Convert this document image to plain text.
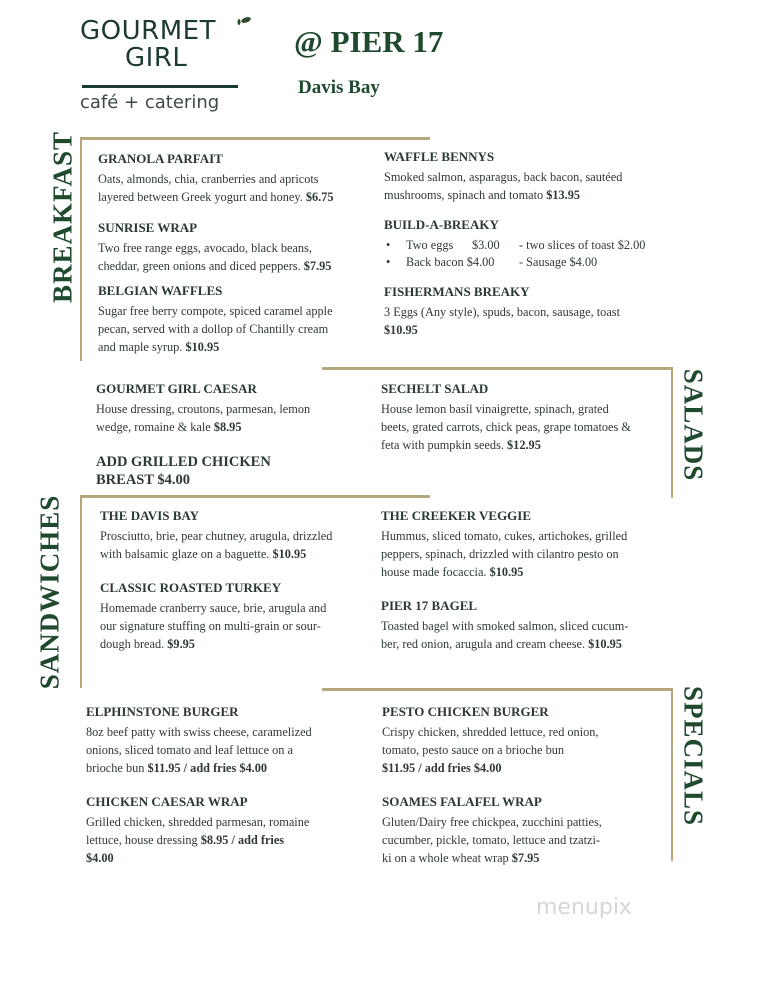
GOURMET
GIRL
café + catering
@ PIER 17
Davis Bay
BREAKFAST
SALADS
SANDWICHES
SPECIALS
GRANOLA PARFAIT
Oats, almonds, chia, cranberries and apricots
layered between Greek yogurt and honey. $6.75
SUNRISE WRAP
Two free range eggs, avocado, black beans,
cheddar, green onions and diced peppers. $7.95
BELGIAN WAFFLES
Sugar free berry compote, spiced caramel apple
pecan, served with a dollop of Chantilly cream
and maple syrup. $10.95
WAFFLE BENNYS
Smoked salmon, asparagus, back bacon, sautéed
mushrooms, spinach and tomato $13.95
BUILD-A-BREAKY
• Two eggs $3.00 - two slices of toast $2.00
• Back bacon $4.00 - Sausage $4.00
FISHERMANS BREAKY
3 Eggs (Any style), spuds, bacon, sausage, toast
$10.95
GOURMET GIRL CAESAR
House dressing, croutons, parmesan, lemon
wedge, romaine & kale $8.95
ADD GRILLED CHICKEN
BREAST $4.00
SECHELT SALAD
House lemon basil vinaigrette, spinach, grated
beets, grated carrots, chick peas, grape tomatoes &
feta with pumpkin seeds. $12.95
THE DAVIS BAY
Prosciutto, brie, pear chutney, arugula, drizzled
with balsamic glaze on a baguette. $10.95
CLASSIC ROASTED TURKEY
Homemade cranberry sauce, brie, arugula and
our signature stuffing on multi-grain or sour-
dough bread. $9.95
THE CREEKER VEGGIE
Hummus, sliced tomato, cukes, artichokes, grilled
peppers, spinach, drizzled with cilantro pesto on
house made focaccia. $10.95
PIER 17 BAGEL
Toasted bagel with smoked salmon, sliced cucum-
ber, red onion, arugula and cream cheese. $10.95
ELPHINSTONE BURGER
8oz beef patty with swiss cheese, caramelized
onions, sliced tomato and leaf lettuce on a
brioche bun $11.95 / add fries $4.00
CHICKEN CAESAR WRAP
Grilled chicken, shredded parmesan, romaine
lettuce, house dressing $8.95 / add fries
$4.00
PESTO CHICKEN BURGER
Crispy chicken, shredded lettuce, red onion,
tomato, pesto sauce on a brioche bun
$11.95 / add fries $4.00
SOAMES FALAFEL WRAP
Gluten/Dairy free chickpea, zucchini patties,
cucumber, pickle, tomato, lettuce and tzatzi-
ki on a whole wheat wrap $7.95
menupix
